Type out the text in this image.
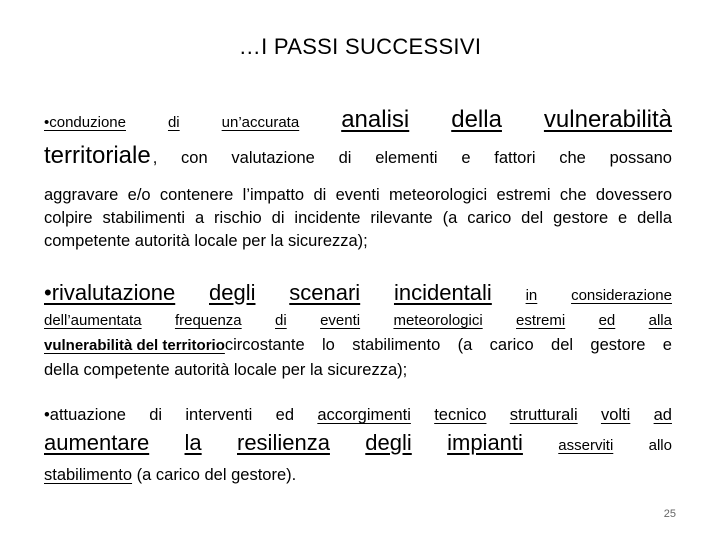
…I PASSI SUCCESSIVI
•conduzione	di	un’accurata analisi della vulnerabilità
territoriale , con valutazione di elementi e fattori che possano
aggravare e/o contenere l’impatto di eventi meteorologici estremi che dovessero colpire stabilimenti a rischio di incidente rilevante (a carico del gestore e della competente autorità locale per la sicurezza);
•rivalutazione degli scenari incidentali in considerazione
dell’aumentata frequenza di eventi meteorologici estremi ed alla
vulnerabilità del territorio circostante lo stabilimento (a carico del gestore e
della competente autorità locale per la sicurezza);
•attuazione di interventi ed accorgimenti tecnico strutturali volti ad
aumentare la resilienza degli impianti asserviti allo
stabilimento (a carico del gestore).
25
